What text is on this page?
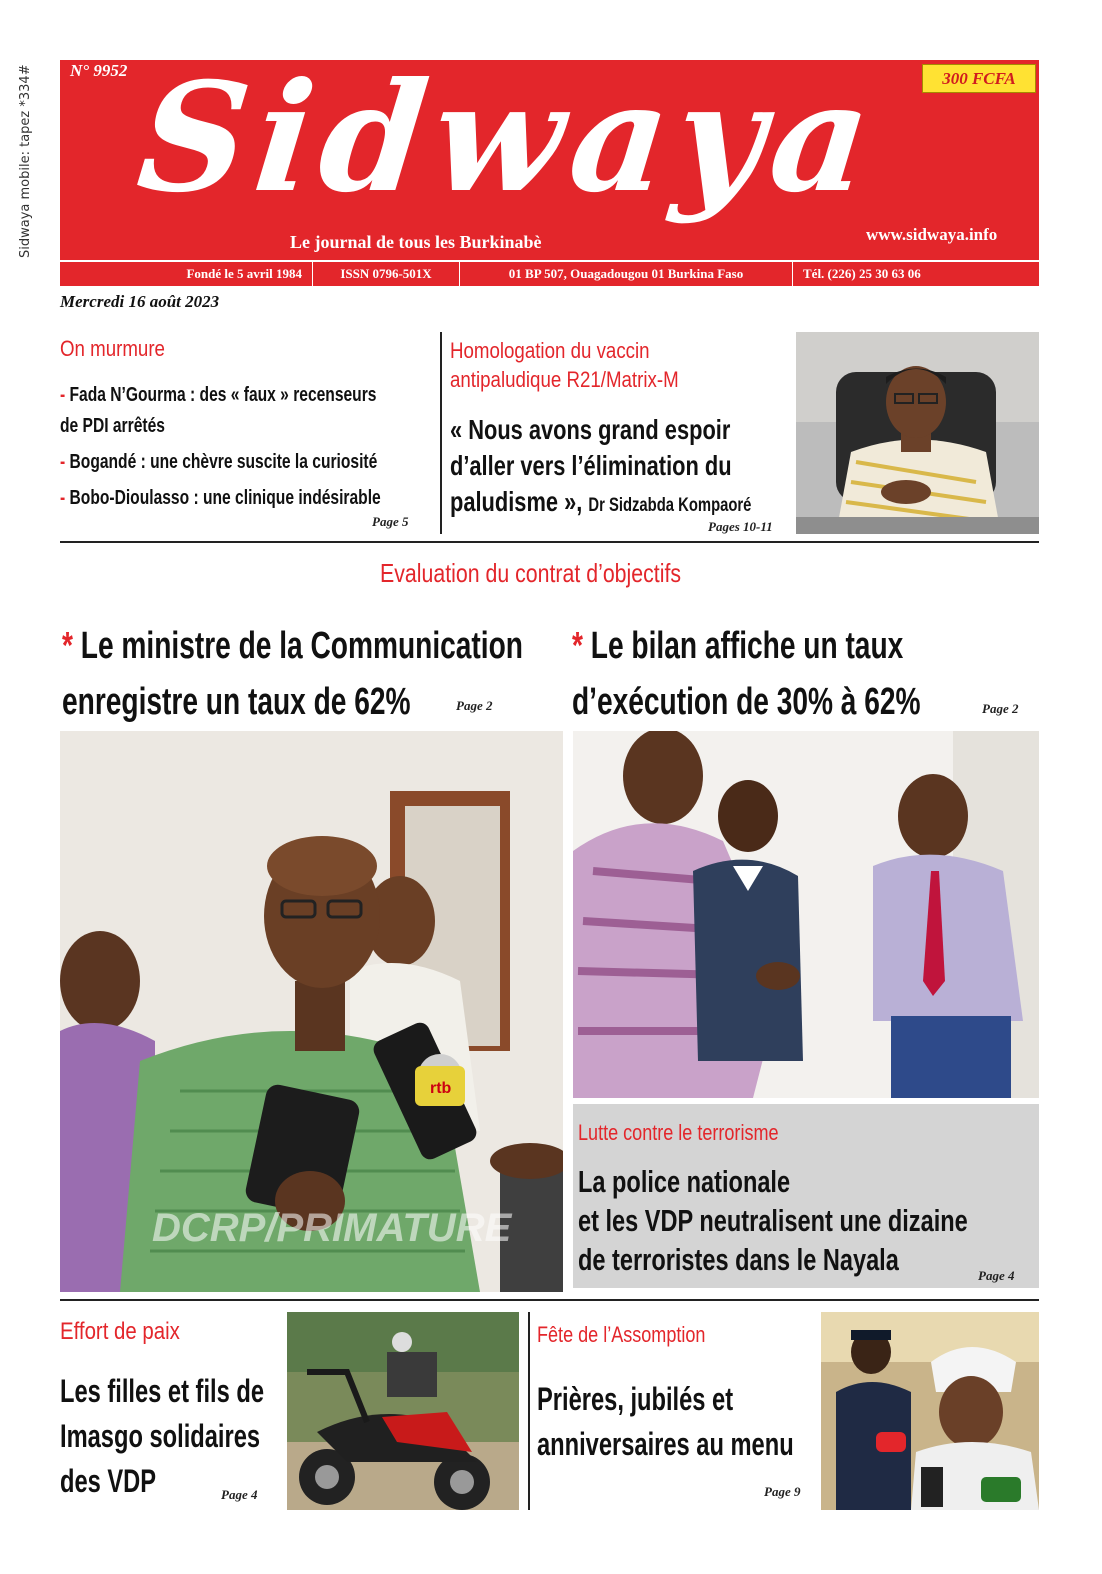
Sidwaya mobile: tapez *334# N° 9952	300 FCFA
Sidwaya
Le journal de tous les Burkinabè	www.sidwaya.info
Fondé le 5 avril 1984	ISSN 0796-501X	01 BP 507, Ouagadougou 01 Burkina Faso	Tél. (226) 25 30 63 06
Mercredi 16 août 2023
On murmure
- Fada N’Gourma : des « faux » recenseurs
de PDI arrêtés
- Bogandé : une chèvre suscite la curiosité
- Bobo-Dioulasso : une clinique indésirable
Page 5
Homologation du vaccin
antipaludique R21/Matrix-M
« Nous avons grand espoir
d’aller vers l’élimination du
paludisme », Dr Sidzabda Kompaoré
Pages 10-11
Evaluation du contrat d’objectifs
* Le ministre de la Communication
enregistre un taux de 62%	Page 2
* Le bilan affiche un taux
d’exécution de 30% à 62%	Page 2
rtb
DCRP/PRIMATURE
Lutte contre le terrorisme
La police nationale
et les VDP neutralisent une dizaine
de terroristes dans le Nayala	Page 4
Effort de paix
Les filles et fils de
Imasgo solidaires
des VDP	Page 4
Fête de l’Assomption
Prières, jubilés et
anniversaires au menu
Page 9
